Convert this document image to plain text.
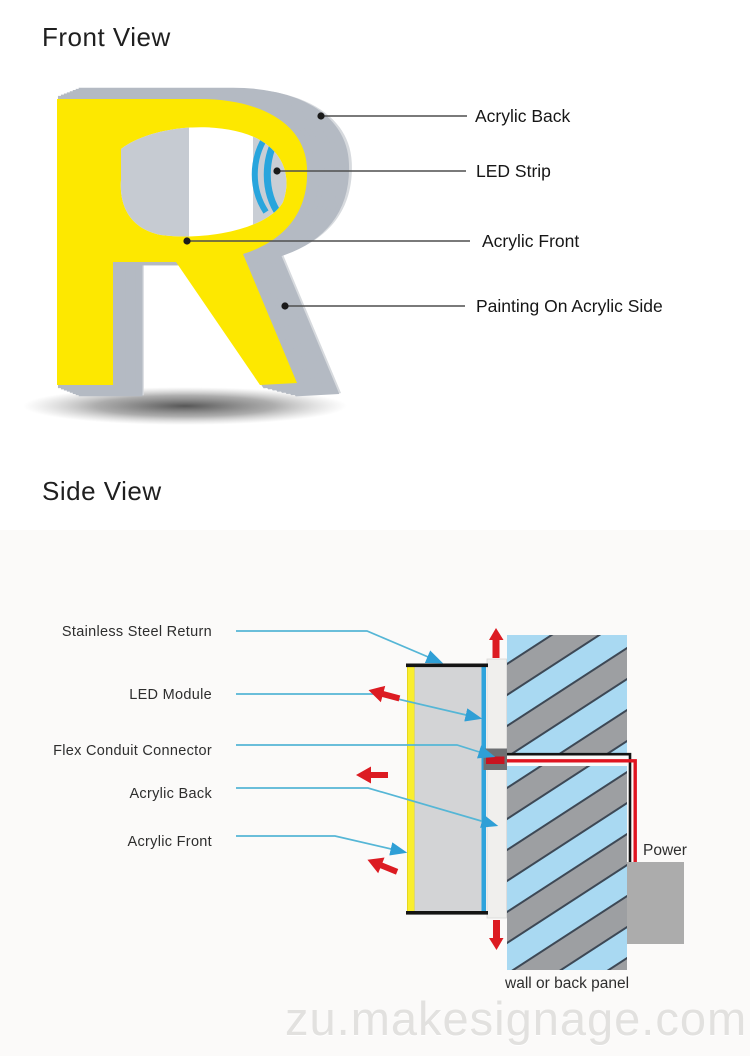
zu.makesignage.com
Front View
Acrylic Back
LED Strip
Acrylic Front
Painting On Acrylic Side
Side View
Stainless Steel Return
LED Module
Flex Conduit Connector
Acrylic Back
Acrylic Front	Power
wall or back panel
